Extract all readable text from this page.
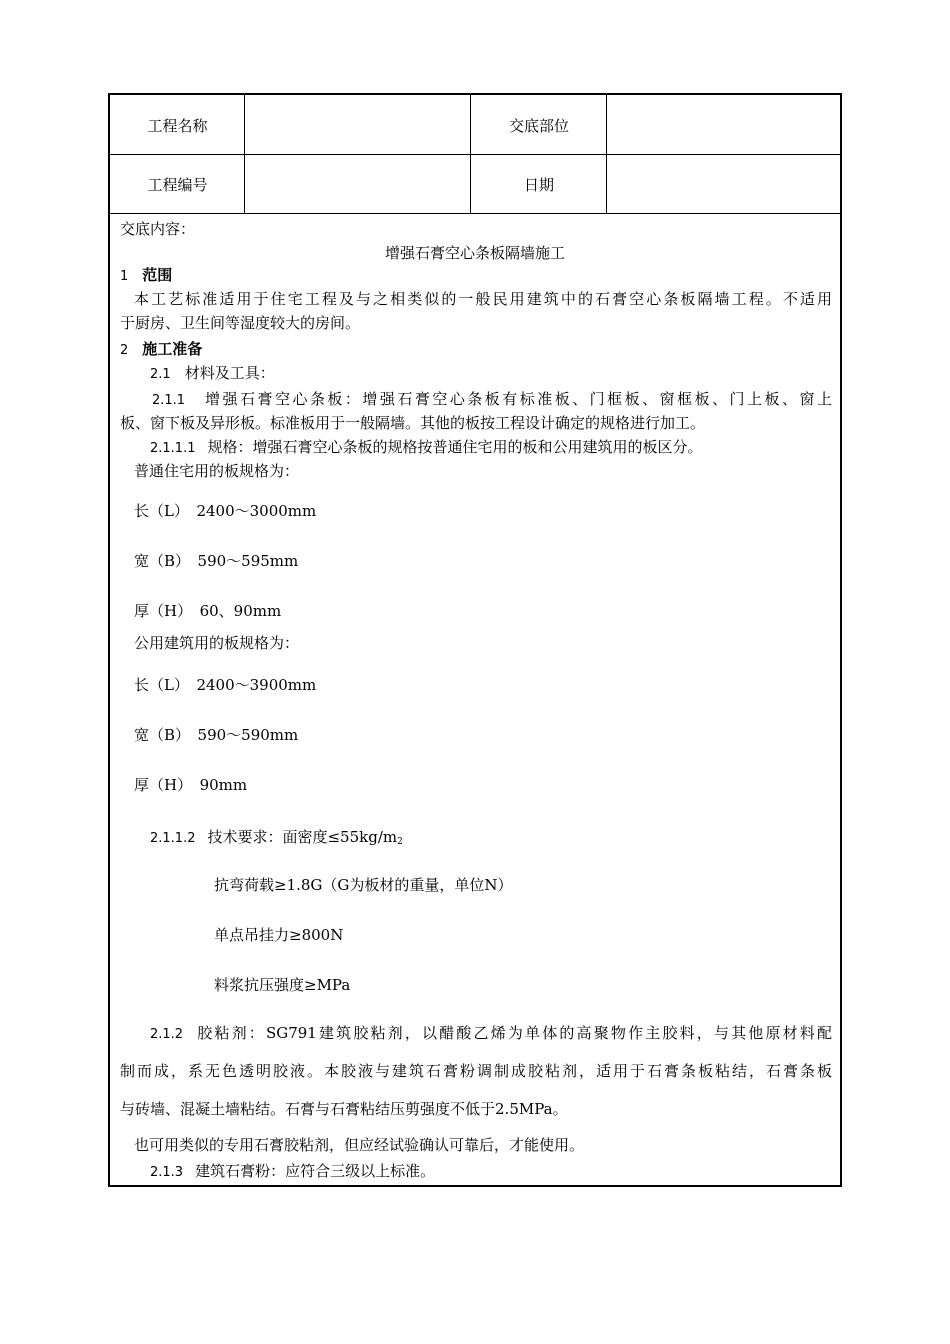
工程名称	交底部位
工程编号	日期
交底内容：
增强石膏空心条板隔墙施工
1 范围
本工艺标准适用于住宅工程及与之相类似的一般民用建筑中的石膏空心条板隔墙工程。不适用
于厨房、卫生间等湿度较大的房间。
2 施工准备
2.1 材料及工具：
2.1.1　 增强石膏空心条板：增强石膏空心条板有标准板、门框板、窗框板、门上板、窗上
板、窗下板及异形板。标准板用于一般隔墙。其他的板按工程设计确定的规格进行加工。
2.1.1.1 规格：增强石膏空心条板的规格按普通住宅用的板和公用建筑用的板区分。
普通住宅用的板规格为：
长（L）　2400～3000mm
宽（B）　590～595mm
厚（H）　60、90mm
公用建筑用的板规格为：
长（L）　2400～3900mm
宽（B）　590～590mm
厚（H）　90mm
2.1.1.2 技术要求：面密度$\le 55kg/m_2$
抗弯荷载≥1.8G（G为板材的重量，单位N）
单点吊挂力≥800N
料浆抗压强度≥MPa
2.1.2 胶粘剂：SG791建筑胶粘剂，以醋酸乙烯为单体的高聚物作主胶料，与其他原材料配
制而成，系无色透明胶液。本胶液与建筑石膏粉调制成胶粘剂，适用于石膏条板粘结，石膏条板
与砖墙、混凝土墙粘结。石膏与石膏粘结压剪强度不低于2.5MPa。
也可用类似的专用石膏胶粘剂，但应经试验确认可靠后，才能使用。
2.1.3 建筑石膏粉：应符合三级以上标准。
